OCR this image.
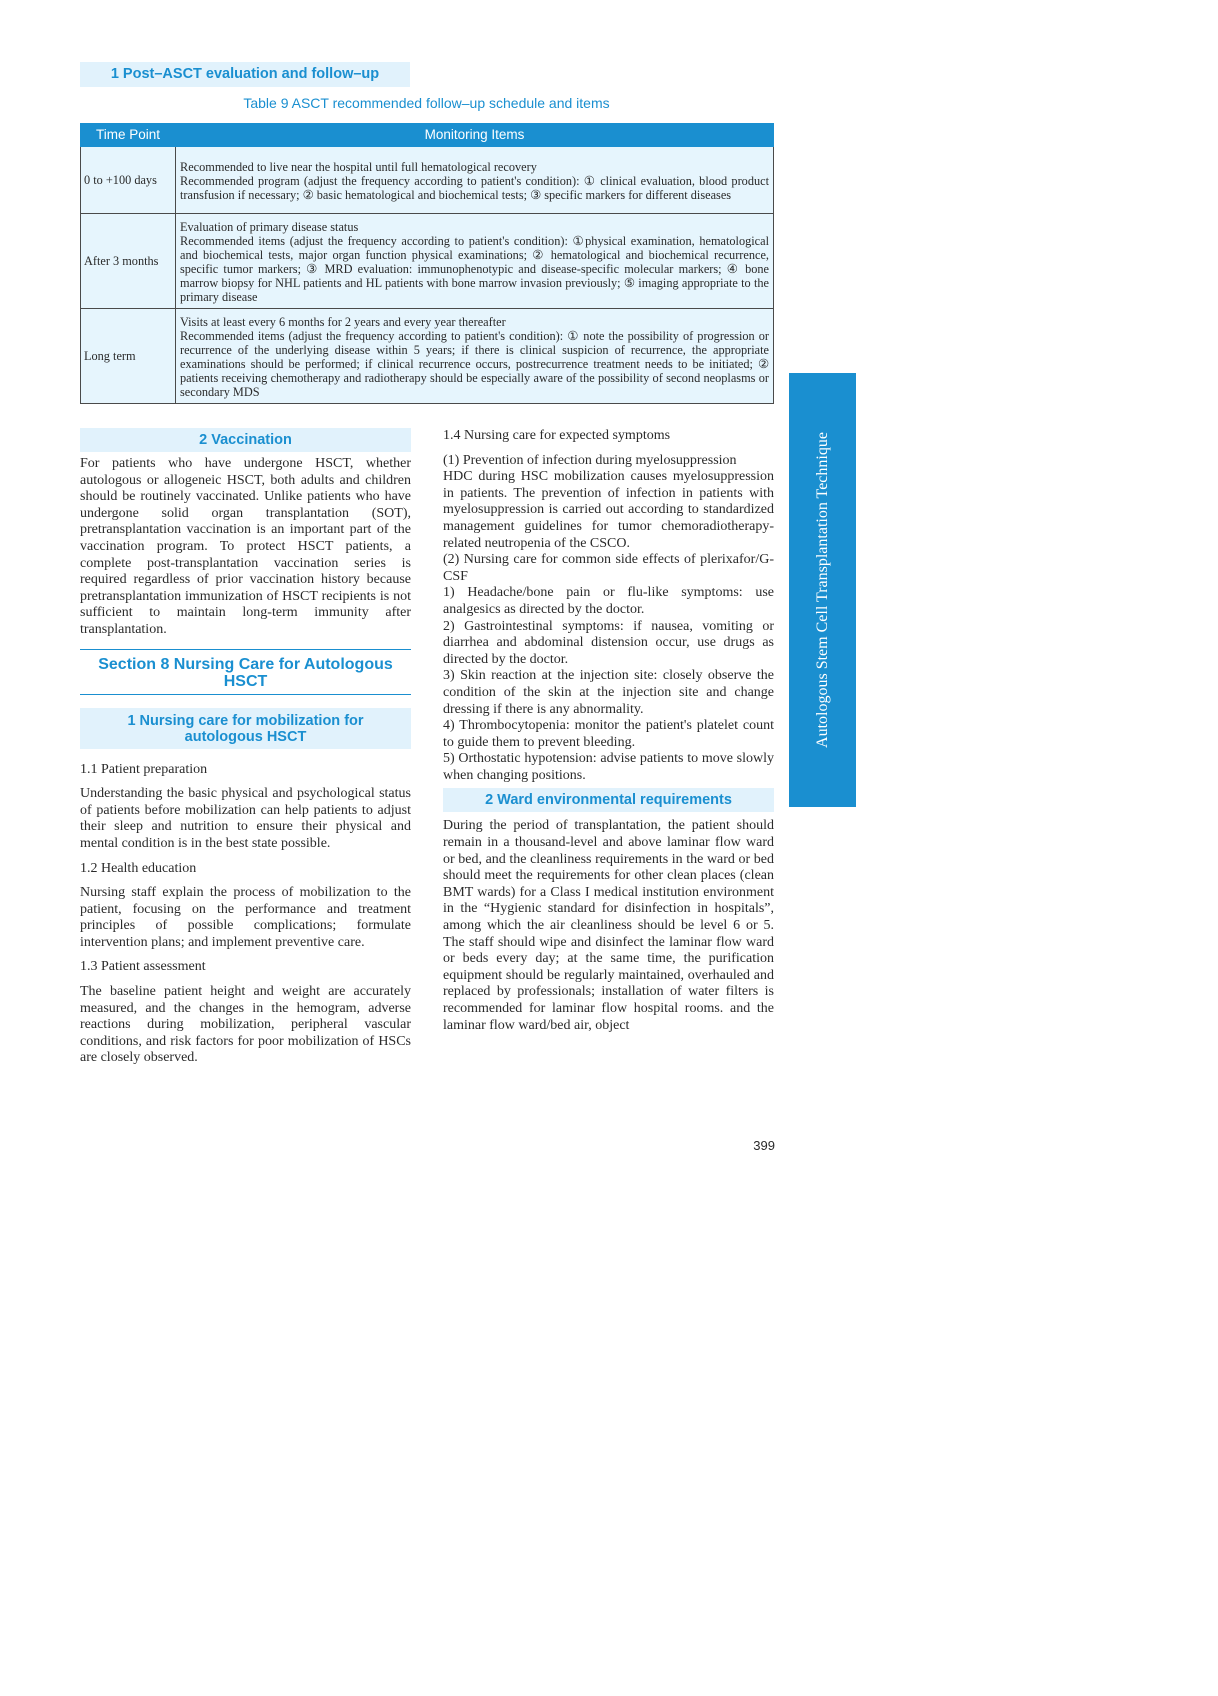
1 Post–ASCT evaluation and follow–up
Table 9 ASCT recommended follow–up schedule and items
Time Point	Monitoring Items
0 to +100 days	Recommended to live near the hospital until full hematological recovery
Recommended program (adjust the frequency according to patient's condition): ① clinical evaluation, blood product transfusion if necessary; ② basic hematological and biochemical tests; ③ specific markers for different diseases
After 3 months	Evaluation of primary disease status
Recommended items (adjust the frequency according to patient's condition): ①physical examination, hematological and biochemical tests, major organ function physical examinations; ② hematological and biochemical recurrence, specific tumor markers; ③ MRD evaluation: immunophenotypic and disease-specific molecular markers; ④ bone marrow biopsy for NHL patients and HL patients with bone marrow invasion previously; ⑤ imaging appropriate to the primary disease
Long term	Visits at least every 6 months for 2 years and every year thereafter
Recommended items (adjust the frequency according to patient's condition): ① note the possibility of progression or recurrence of the underlying disease within 5 years; if there is clinical suspicion of recurrence, the appropriate examinations should be performed; if clinical recurrence occurs, postrecurrence treatment needs to be initiated; ② patients receiving chemotherapy and radiotherapy should be especially aware of the possibility of second neoplasms or secondary MDS
2 Vaccination

For patients who have undergone HSCT, whether autologous or allogeneic HSCT, both adults and children should be routinely vaccinated. Unlike patients who have undergone solid organ transplantation (SOT), pretransplantation vaccination is an important part of the vaccination program. To protect HSCT patients, a complete post-transplantation vaccination series is required regardless of prior vaccination history because pretransplantation immunization of HSCT recipients is not sufficient to maintain long-term immunity after transplantation.

Section 8 Nursing Care for Autologous HSCT
1 Nursing care for mobilization for autologous HSCT

1.1 Patient preparation

Understanding the basic physical and psychological status of patients before mobilization can help patients to adjust their sleep and nutrition to ensure their physical and mental condition is in the best state possible.

1.2 Health education

Nursing staff explain the process of mobilization to the patient, focusing on the performance and treatment principles of possible complications; formulate intervention plans; and implement preventive care.

1.3 Patient assessment

The baseline patient height and weight are accurately measured, and the changes in the hemogram, adverse reactions during mobilization, peripheral vascular conditions, and risk factors for poor mobilization of HSCs are closely observed.

1.4 Nursing care for expected symptoms

(1) Prevention of infection during myelosuppression

HDC during HSC mobilization causes myelosuppression in patients. The prevention of infection in patients with myelosuppression is carried out according to standardized management guidelines for tumor chemoradiotherapy-related neutropenia of the CSCO.

(2) Nursing care for common side effects of plerixafor/G-CSF

1) Headache/bone pain or flu-like symptoms: use analgesics as directed by the doctor.

2) Gastrointestinal symptoms: if nausea, vomiting or diarrhea and abdominal distension occur, use drugs as directed by the doctor.

3) Skin reaction at the injection site: closely observe the condition of the skin at the injection site and change dressing if there is any abnormality.

4) Thrombocytopenia: monitor the patient's platelet count to guide them to prevent bleeding.

5) Orthostatic hypotension: advise patients to move slowly when changing positions.

2 Ward environmental requirements

During the period of transplantation, the patient should remain in a thousand-level and above laminar flow ward or bed, and the cleanliness requirements in the ward or bed should meet the requirements for other clean places (clean BMT wards) for a Class I medical institution environment in the “Hygienic standard for disinfection in hospitals”, among which the air cleanliness should be level 6 or 5. The staff should wipe and disinfect the laminar flow ward or beds every day; at the same time, the purification equipment should be regularly maintained, overhauled and replaced by professionals; installation of water filters is recommended for laminar flow hospital rooms. and the laminar flow ward/bed air, object

Autologous Stem Cell Transplantation Technique
399
